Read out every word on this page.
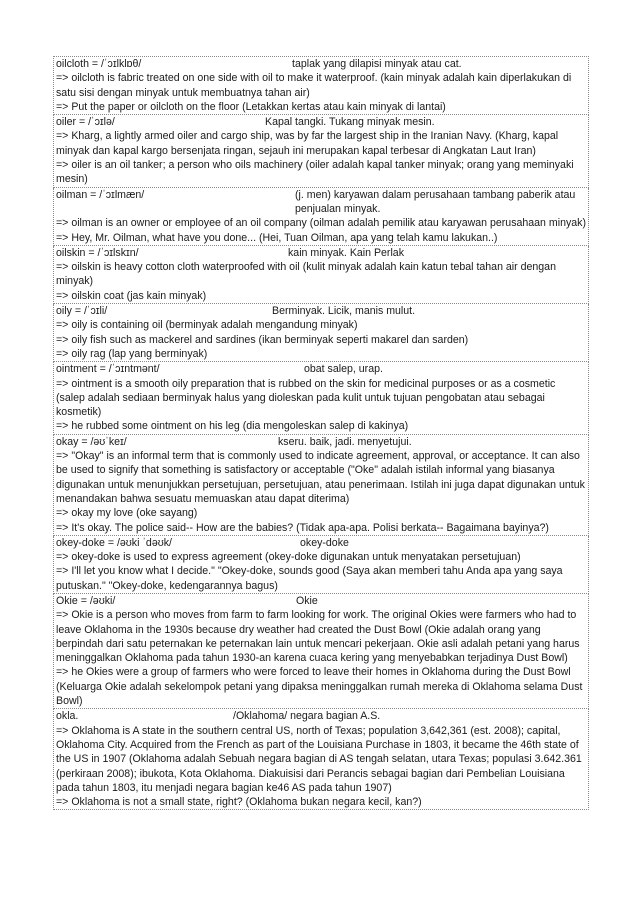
oilcloth = /ˈɔɪlklɒθ/	taplak yang dilapisi minyak atau cat.
=> oilcloth is fabric treated on one side with oil to make it waterproof. (kain minyak adalah kain diperlakukan di satu sisi dengan minyak untuk membuatnya tahan air)
=> Put the paper or oilcloth on the floor (Letakkan kertas atau kain minyak di lantai)
oiler = /ˈɔɪlə/	Kapal tangki. Tukang minyak mesin.
=> Kharg, a lightly armed oiler and cargo ship, was by far the largest ship in the Iranian Navy. (Kharg, kapal minyak dan kapal kargo bersenjata ringan, sejauh ini merupakan kapal terbesar di Angkatan Laut Iran)
=> oiler is an oil tanker; a person who oils machinery (oiler adalah kapal tanker minyak; orang yang meminyaki mesin)
oilman = /ˈɔɪlmæn/	(j. men) karyawan dalam perusahaan tambang paberik atau penjualan minyak.
=> oilman is an owner or employee of an oil company (oilman adalah pemilik atau karyawan perusahaan minyak)
=> Hey, Mr. Oilman, what have you done... (Hei, Tuan Oilman, apa yang telah kamu lakukan..)
oilskin = /ˈɔɪlskɪn/	kain minyak. Kain Perlak
=> oilskin is heavy cotton cloth waterproofed with oil (kulit minyak adalah kain katun tebal tahan air dengan minyak)
=> oilskin coat (jas kain minyak)
oily = /ˈɔɪli/	Berminyak. Licik, manis mulut.
=> oily is containing oil (berminyak adalah mengandung minyak)
=> oily fish such as mackerel and sardines (ikan berminyak seperti makarel dan sarden)
=> oily rag (lap yang berminyak)
ointment = /ˈɔɪntmənt/	obat salep, urap.
=> ointment is a smooth oily preparation that is rubbed on the skin for medicinal purposes or as a cosmetic (salep adalah sediaan berminyak halus yang dioleskan pada kulit untuk tujuan pengobatan atau sebagai kosmetik)
=> he rubbed some ointment on his leg (dia mengoleskan salep di kakinya)
okay = /əʊˈkeɪ/	kseru. baik, jadi. menyetujui.
=> "Okay" is an informal term that is commonly used to indicate agreement, approval, or acceptance. It can also be used to signify that something is satisfactory or acceptable ("Oke" adalah istilah informal yang biasanya digunakan untuk menunjukkan persetujuan, persetujuan, atau penerimaan. Istilah ini juga dapat digunakan untuk menandakan bahwa sesuatu memuaskan atau dapat diterima)
=> okay my love (oke sayang)
=> It's okay. The police said-- How are the babies? (Tidak apa-apa. Polisi berkata-- Bagaimana bayinya?)
okey-doke = /əʊki ˈdəʊk/	okey-doke
=> okey-doke is used to express agreement (okey-doke digunakan untuk menyatakan persetujuan)
=> I'll let you know what I decide." "Okey-doke, sounds good (Saya akan memberi tahu Anda apa yang saya putuskan." "Okey-doke, kedengarannya bagus)
Okie = /əʊki/	Okie
=> Okie is a person who moves from farm to farm looking for work. The original Okies were farmers who had to leave Oklahoma in the 1930s because dry weather had created the Dust Bowl (Okie adalah orang yang berpindah dari satu peternakan ke peternakan lain untuk mencari pekerjaan. Okie asli adalah petani yang harus meninggalkan Oklahoma pada tahun 1930-an karena cuaca kering yang menyebabkan terjadinya Dust Bowl)
=> he Okies were a group of farmers who were forced to leave their homes in Oklahoma during the Dust Bowl (Keluarga Okie adalah sekelompok petani yang dipaksa meninggalkan rumah mereka di Oklahoma selama Dust Bowl)
okla.	/Oklahoma/ negara bagian A.S.
=> Oklahoma is A state in the southern central US, north of Texas; population 3,642,361 (est. 2008); capital, Oklahoma City. Acquired from the French as part of the Louisiana Purchase in 1803, it became the 46th state of the US in 1907 (Oklahoma adalah Sebuah negara bagian di AS tengah selatan, utara Texas; populasi 3.642.361 (perkiraan 2008); ibukota, Kota Oklahoma. Diakuisisi dari Perancis sebagai bagian dari Pembelian Louisiana pada tahun 1803, itu menjadi negara bagian ke46 AS pada tahun 1907)
=> Oklahoma is not a small state, right? (Oklahoma bukan negara kecil, kan?)
